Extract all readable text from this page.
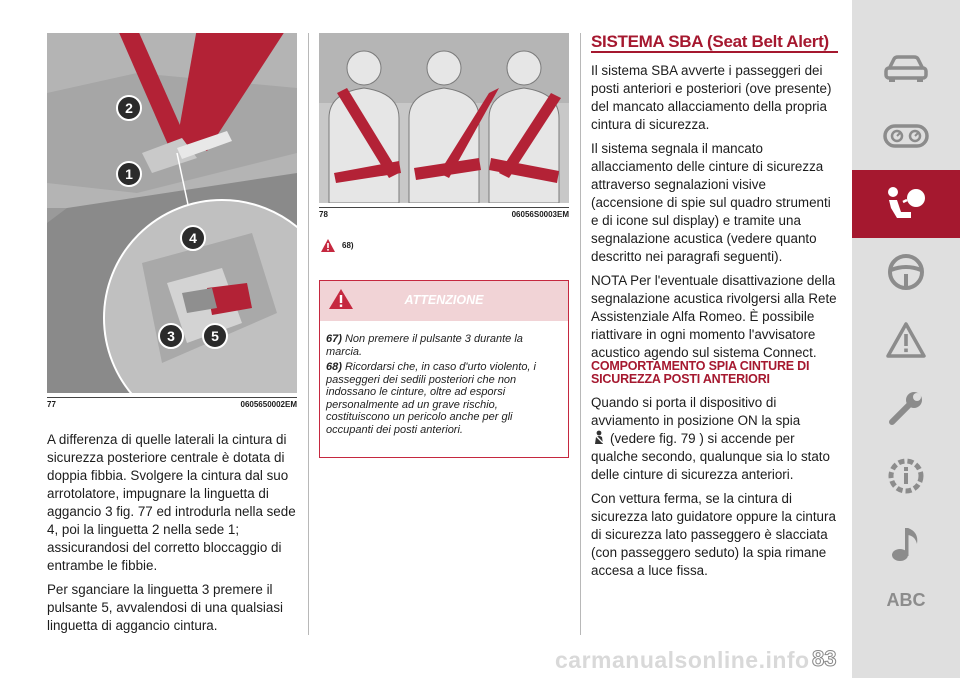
2
1
4
3	5
77	0605650002EM

A differenza di quelle laterali la cintura di sicurezza posteriore centrale è dotata di doppia fibbia. Svolgere la cintura dal suo arrotolatore, impugnare la linguetta di aggancio 3 fig. 77 ed introdurla nella sede 4, poi la linguetta 2 nella sede 1; assicurandosi del corretto bloccaggio di entrambe le fibbie.

Per sganciare la linguetta 3 premere il pulsante 5, avvalendosi di una qualsiasi linguetta di aggancio cintura.

78	06056S0003EM
68)
ATTENZIONE
67) Non premere il pulsante 3 durante la marcia.
68) Ricordarsi che, in caso d'urto violento, i passeggeri dei sedili posteriori che non indossano le cinture, oltre ad esporsi personalmente ad un grave rischio, costituiscono un pericolo anche per gli occupanti dei posti anteriori.
SISTEMA SBA (Seat Belt Alert)

Il sistema SBA avverte i passeggeri dei posti anteriori e posteriori (ove presente) del mancato allacciamento della propria cintura di sicurezza.

Il sistema segnala il mancato allacciamento delle cinture di sicurezza attraverso segnalazioni visive (accensione di spie sul quadro strumenti e di icone sul display) e tramite una segnalazione acustica (vedere quanto descritto nei paragrafi seguenti).

NOTA Per l'eventuale disattivazione della segnalazione acustica rivolgersi alla Rete Assistenziale Alfa Romeo. È possibile riattivare in ogni momento l'avvisatore acustico agendo sul sistema Connect.

COMPORTAMENTO SPIA CINTURE DI SICUREZZA POSTI ANTERIORI

Quando si porta il dispositivo di avviamento in posizione ON la spia
(vedere fig. 79 ) si accende per qualche secondo, qualunque sia lo stato delle cinture di sicurezza anteriori.

Con vettura ferma, se la cintura di sicurezza lato guidatore oppure la cintura di sicurezza lato passeggero è slacciata (con passeggero seduto) la spia rimane accesa a luce fissa.

ABC
carmanualsonline.info 83
